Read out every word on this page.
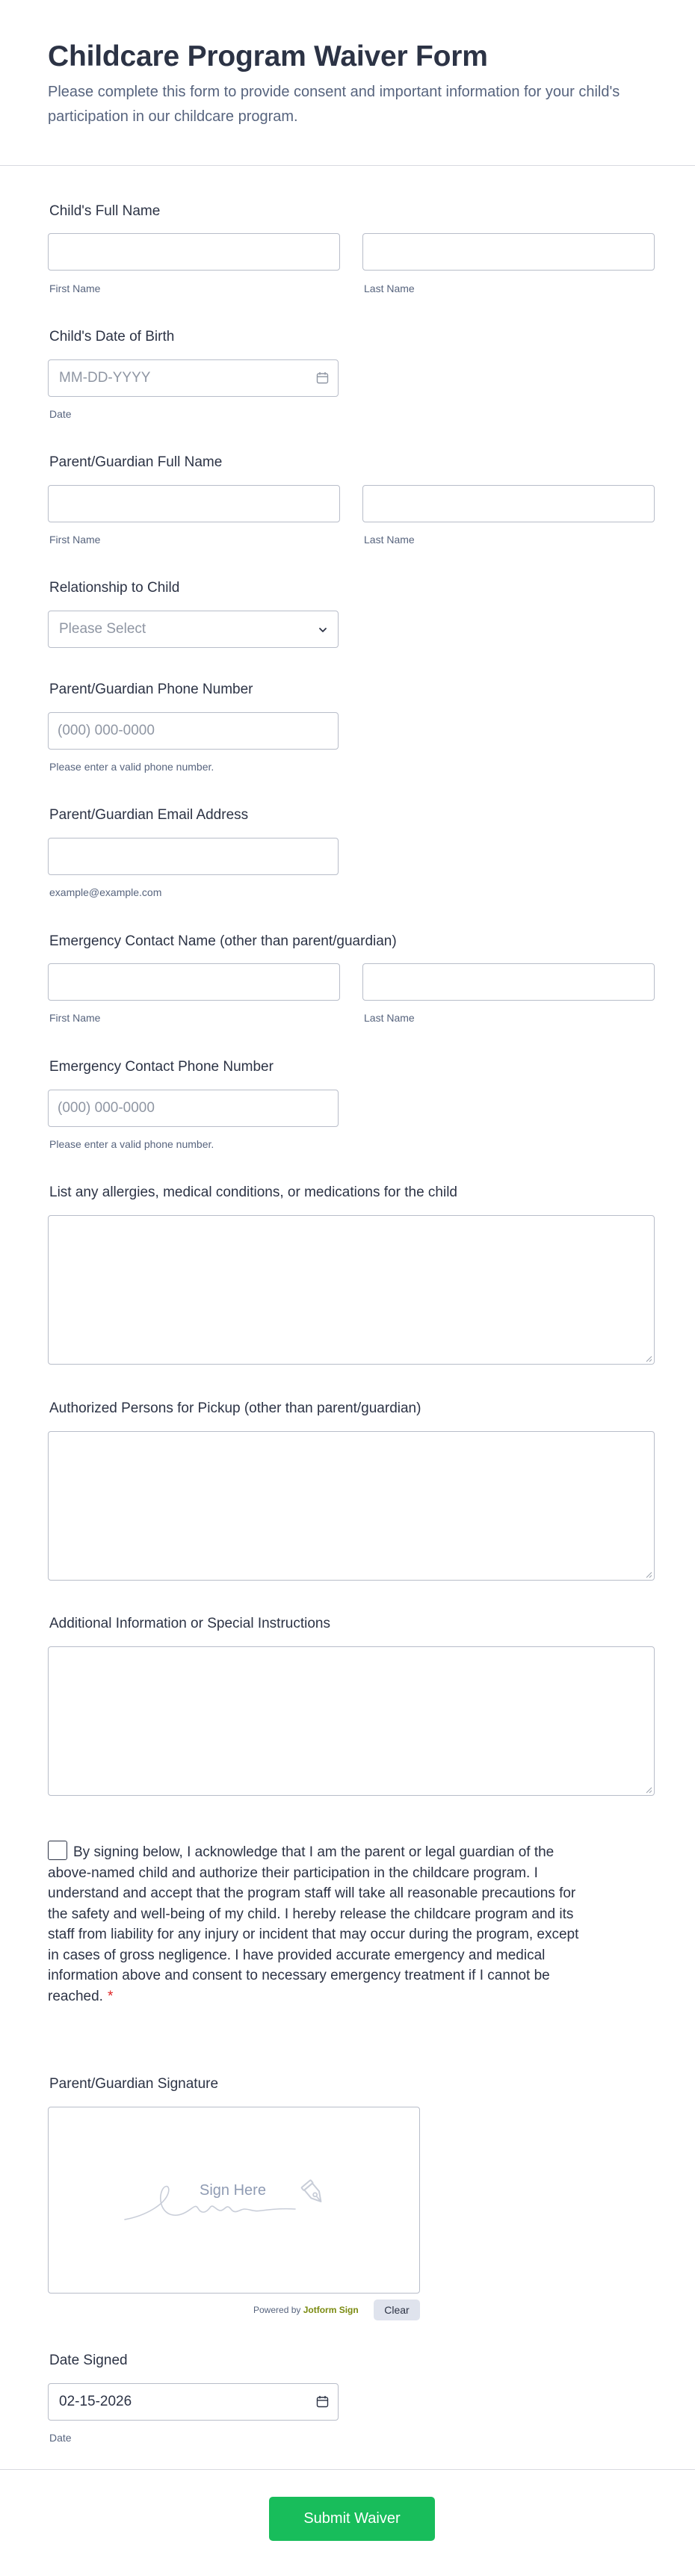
Childcare Program Waiver Form
Please complete this form to provide consent and important information for your child's participation in our childcare program.
Child's Full Name
First Name	Last Name
Child's Date of Birth
MM-DD-YYYY
Date
Parent/Guardian Full Name
First Name	Last Name
Relationship to Child
Please Select
Parent/Guardian Phone Number
(000) 000-0000
Please enter a valid phone number.
Parent/Guardian Email Address
example@example.com
Emergency Contact Name (other than parent/guardian)
First Name	Last Name
Emergency Contact Phone Number
(000) 000-0000
Please enter a valid phone number.
List any allergies, medical conditions, or medications for the child
Authorized Persons for Pickup (other than parent/guardian)
Additional Information or Special Instructions
By signing below, I acknowledge that I am the parent or legal guardian of the above-named child and authorize their participation in the childcare program. I understand and accept that the program staff will take all reasonable precautions for the safety and well-being of my child. I hereby release the childcare program and its staff from liability for any injury or incident that may occur during the program, except in cases of gross negligence. I have provided accurate emergency and medical information above and consent to necessary emergency treatment if I cannot be reached. *
Parent/Guardian Signature
Sign Here
Powered by Jotform Sign	Clear
Date Signed
02-15-2026
Date
Submit Waiver
